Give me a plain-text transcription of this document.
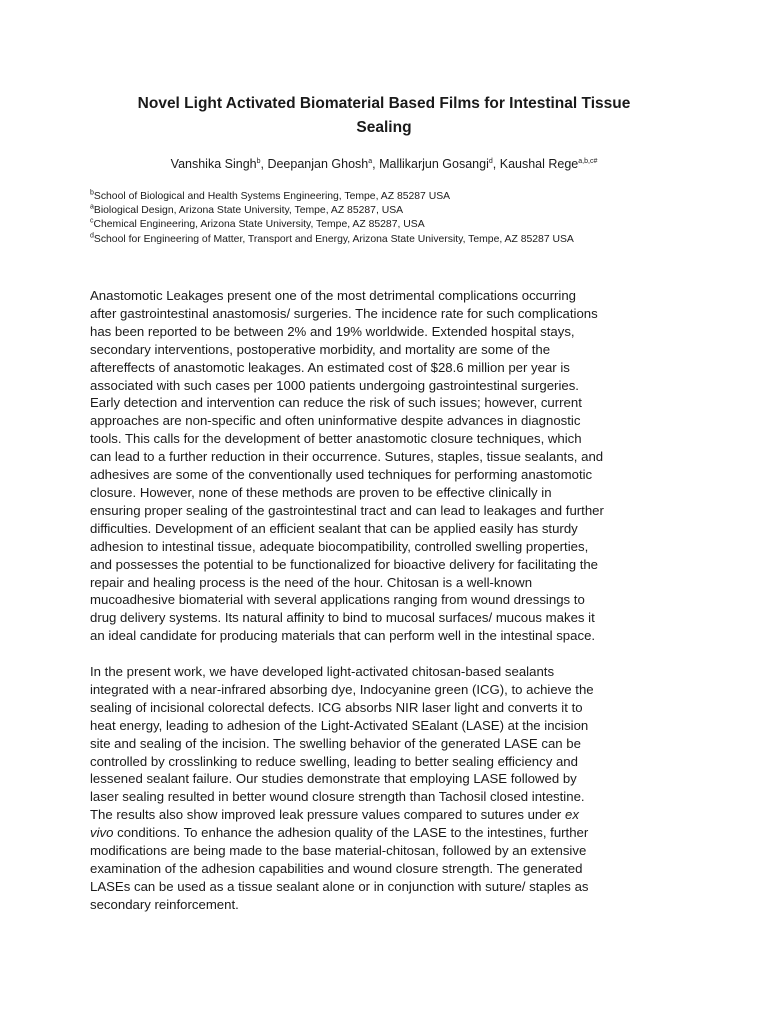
Novel Light Activated Biomaterial Based Films for Intestinal Tissue
Sealing

Vanshika Singh$^b$, Deepanjan Ghosh$^a$, Mallikarjun Gosangi$^d$, Kaushal Rege$^{a,b,c\#}$

$^b$School of Biological and Health Systems Engineering, Tempe, AZ 85287 USA
$^a$Biological Design, Arizona State University, Tempe, AZ 85287, USA
$^c$Chemical Engineering, Arizona State University, Tempe, AZ 85287, USA
$^d$School for Engineering of Matter, Transport and Energy, Arizona State University, Tempe, AZ 85287 USA

Anastomotic Leakages present one of the most detrimental complications occurring
after gastrointestinal anastomosis/ surgeries. The incidence rate for such complications
has been reported to be between 2% and 19% worldwide. Extended hospital stays,
secondary interventions, postoperative morbidity, and mortality are some of the
aftereffects of anastomotic leakages. An estimated cost of $28.6 million per year is
associated with such cases per 1000 patients undergoing gastrointestinal surgeries.
Early detection and intervention can reduce the risk of such issues; however, current
approaches are non-specific and often uninformative despite advances in diagnostic
tools. This calls for the development of better anastomotic closure techniques, which
can lead to a further reduction in their occurrence. Sutures, staples, tissue sealants, and
adhesives are some of the conventionally used techniques for performing anastomotic
closure. However, none of these methods are proven to be effective clinically in
ensuring proper sealing of the gastrointestinal tract and can lead to leakages and further
difficulties. Development of an efficient sealant that can be applied easily has sturdy
adhesion to intestinal tissue, adequate biocompatibility, controlled swelling properties,
and possesses the potential to be functionalized for bioactive delivery for facilitating the
repair and healing process is the need of the hour. Chitosan is a well-known
mucoadhesive biomaterial with several applications ranging from wound dressings to
drug delivery systems. Its natural affinity to bind to mucosal surfaces/ mucous makes it
an ideal candidate for producing materials that can perform well in the intestinal space.

In the present work, we have developed light-activated chitosan-based sealants
integrated with a near-infrared absorbing dye, Indocyanine green (ICG), to achieve the
sealing of incisional colorectal defects. ICG absorbs NIR laser light and converts it to
heat energy, leading to adhesion of the Light-Activated SEalant (LASE) at the incision
site and sealing of the incision. The swelling behavior of the generated LASE can be
controlled by crosslinking to reduce swelling, leading to better sealing efficiency and
lessened sealant failure. Our studies demonstrate that employing LASE followed by
laser sealing resulted in better wound closure strength than Tachosil closed intestine.
The results also show improved leak pressure values compared to sutures under ex
vivo conditions. To enhance the adhesion quality of the LASE to the intestines, further
modifications are being made to the base material-chitosan, followed by an extensive
examination of the adhesion capabilities and wound closure strength. The generated
LASEs can be used as a tissue sealant alone or in conjunction with suture/ staples as
secondary reinforcement.
